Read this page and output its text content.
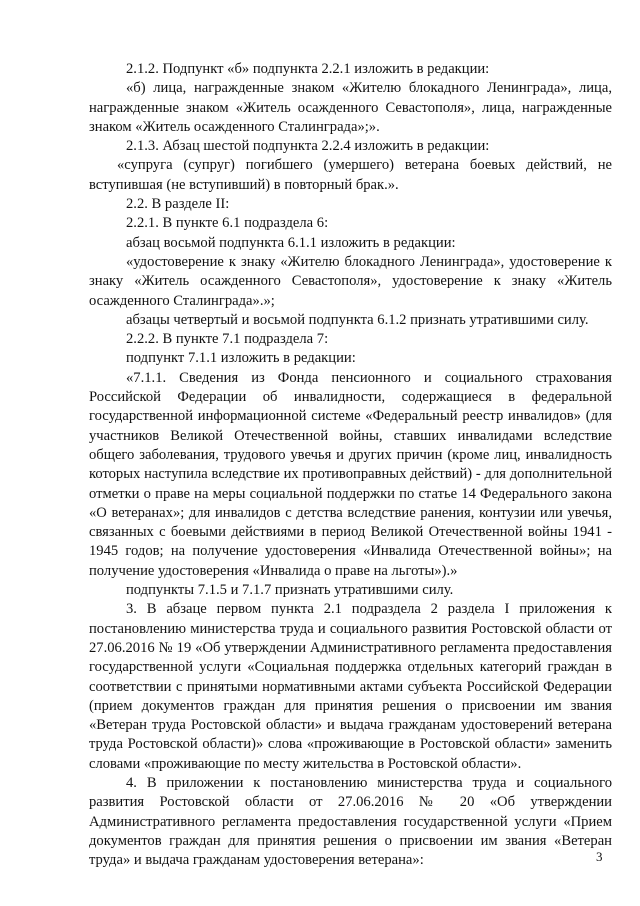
2.1.2. Подпункт «б» подпункта 2.2.1 изложить в редакции:

«б) лица, награжденные знаком «Жителю блокадного Ленинграда», лица, награжденные знаком «Житель осажденного Севастополя», лица, награжденные знаком «Житель осажденного Сталинграда»;».

2.1.3. Абзац шестой подпункта 2.2.4 изложить в редакции:

«супруга (супруг) погибшего (умершего) ветерана боевых действий, не вступившая (не вступивший) в повторный брак.».

2.2. В разделе II:

2.2.1. В пункте 6.1 подраздела 6:

абзац восьмой подпункта 6.1.1 изложить в редакции:

«удостоверение к знаку «Жителю блокадного Ленинграда», удостоверение к знаку «Житель осажденного Севастополя», удостоверение к знаку «Житель осажденного Сталинграда».»;

абзацы четвертый и восьмой подпункта 6.1.2 признать утратившими силу.

2.2.2. В пункте 7.1 подраздела 7:

подпункт 7.1.1 изложить в редакции:

«7.1.1. Сведения из Фонда пенсионного и социального страхования Российской Федерации об инвалидности, содержащиеся в федеральной государственной информационной системе «Федеральный реестр инвалидов» (для участников Великой Отечественной войны, ставших инвалидами вследствие общего заболевания, трудового увечья и других причин (кроме лиц, инвалидность которых наступила вследствие их противоправных действий) - для дополнительной отметки о праве на меры социальной поддержки по статье 14 Федерального закона «О ветеранах»; для инвалидов с детства вследствие ранения, контузии или увечья, связанных с боевыми действиями в период Великой Отечественной войны 1941 - 1945 годов; на получение удостоверения «Инвалида Отечественной войны»; на получение удостоверения «Инвалида о праве на льготы»).»

подпункты 7.1.5 и 7.1.7 признать утратившими силу.

3. В абзаце первом пункта 2.1 подраздела 2 раздела I приложения к постановлению министерства труда и социального развития Ростовской области от 27.06.2016 № 19 «Об утверждении Административного регламента предоставления государственной услуги «Социальная поддержка отдельных категорий граждан в соответствии с принятыми нормативными актами субъекта Российской Федерации (прием документов граждан для принятия решения о присвоении им звания «Ветеран труда Ростовской области» и выдача гражданам удостоверений ветерана труда Ростовской области)» слова «проживающие в Ростовской области» заменить словами «проживающие по месту жительства в Ростовской области».

4. В приложении к постановлению министерства труда и социального развития Ростовской области от 27.06.2016 № 20 «Об утверждении Административного регламента предоставления государственной услуги «Прием документов граждан для принятия решения о присвоении им звания «Ветеран труда» и выдача гражданам удостоверения ветерана»:	3
